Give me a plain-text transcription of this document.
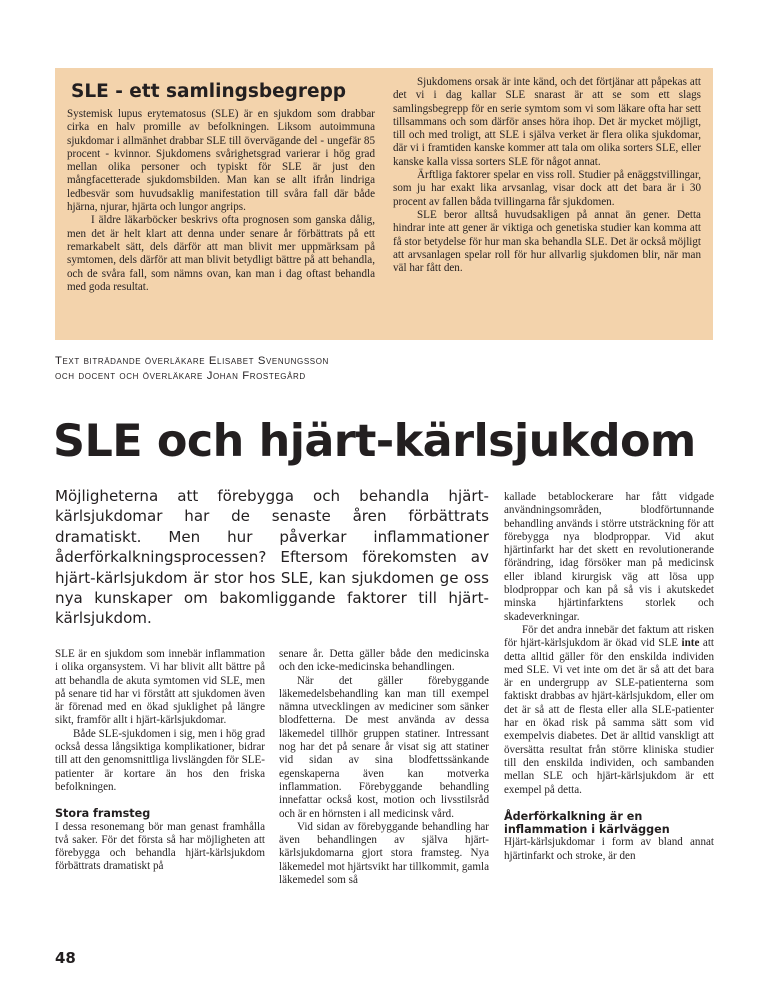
SLE - ett samlingsbegrepp

Systemisk lupus erytematosus (SLE) är en sjukdom som drabbar cirka en halv promille av befolkningen. Liksom autoimmuna sjukdomar i allmänhet drabbar SLE till övervägande del - ungefär 85 procent - kvinnor. Sjukdomens svårighetsgrad varierar i hög grad mellan olika personer och typiskt för SLE är just den mångfacetterade sjukdomsbilden. Man kan se allt ifrån lindriga ledbesvär som huvudsaklig manifestation till svåra fall där både hjärna, njurar, hjärta och lungor angrips.

I äldre läkarböcker beskrivs ofta prognosen som ganska dålig, men det är helt klart att denna under senare år förbättrats på ett remarkabelt sätt, dels därför att man blivit mer uppmärksam på symtomen, dels därför att man blivit betydligt bättre på att behandla, och de svåra fall, som nämns ovan, kan man i dag oftast behandla med goda resultat.

Sjukdomens orsak är inte känd, och det förtjänar att påpekas att det vi i dag kallar SLE snarast är att se som ett slags samlingsbegrepp för en serie symtom som vi som läkare ofta har sett tillsammans och som därför anses höra ihop. Det är mycket möjligt, till och med troligt, att SLE i själva verket är flera olika sjukdomar, där vi i framtiden kanske kommer att tala om olika sorters SLE, eller kanske kalla vissa sorters SLE för något annat.

Ärftliga faktorer spelar en viss roll. Studier på enäggstvillingar, som ju har exakt lika arvsanlag, visar dock att det bara är i 30 procent av fallen båda tvillingarna får sjukdomen.

SLE beror alltså huvudsakligen på annat än gener. Detta hindrar inte att gener är viktiga och genetiska studier kan komma att få stor betydelse för hur man ska behandla SLE. Det är också möjligt att arvsanlagen spelar roll för hur allvarlig sjukdomen blir, när man väl har fått den.

Text biträdande överläkare Elisabet Svenungsson
och docent och överläkare Johan Frostegård
SLE och hjärt-kärlsjukdom

Möjligheterna att förebygga och behandla hjärt-kärlsjukdomar har de senaste åren förbättrats dramatiskt. Men hur påverkar inflammationer åderförkalkningsprocessen? Eftersom förekomsten av hjärt-kärlsjukdom är stor hos SLE, kan sjukdomen ge oss nya kunskaper om bakomliggande faktorer till hjärt-kärlsjukdom.

SLE är en sjukdom som innebär inflammation i olika organsystem. Vi har blivit allt bättre på att behandla de akuta symtomen vid SLE, men på senare tid har vi förstått att sjukdomen även är förenad med en ökad sjuklighet på längre sikt, framför allt i hjärt-kärlsjukdomar.

Både SLE-sjukdomen i sig, men i hög grad också dessa långsiktiga komplikationer, bidrar till att den genomsnittliga livslängden för SLE-patienter är kortare än hos den friska befolkningen.

Stora framsteg

I dessa resonemang bör man genast framhålla två saker. För det första så har möjligheten att förebygga och behandla hjärt-kärlsjukdom förbättrats dramatiskt på

senare år. Detta gäller både den medicinska och den icke-medicinska behandlingen.

När det gäller förebyggande läkemedelsbehandling kan man till exempel nämna utvecklingen av mediciner som sänker blodfetterna. De mest använda av dessa läkemedel tillhör gruppen statiner. Intressant nog har det på senare år visat sig att statiner vid sidan av sina blodfettssänkande egenskaperna även kan motverka inflammation. Förebyggande behandling innefattar också kost, motion och livsstilsråd och är en hörnsten i all medicinsk vård.

Vid sidan av förebyggande behandling har även behandlingen av själva hjärt-kärlsjukdomarna gjort stora framsteg. Nya läkemedel mot hjärtsvikt har tillkommit, gamla läkemedel som så

kallade betablockerare har fått vidgade användningsområden, blodförtunnande behandling används i större utsträckning för att förebygga nya blodproppar. Vid akut hjärtinfarkt har det skett en revolutionerande förändring, idag försöker man på medicinsk eller ibland kirurgisk väg att lösa upp blodproppar och kan på så vis i akutskedet minska hjärtinfarktens storlek och skadeverkningar.

För det andra innebär det faktum att risken för hjärt-kärlsjukdom är ökad vid SLE inte att detta alltid gäller för den enskilda individen med SLE. Vi vet inte om det är så att det bara är en undergrupp av SLE-patienterna som faktiskt drabbas av hjärt-kärlsjukdom, eller om det är så att de flesta eller alla SLE-patienter har en ökad risk på samma sätt som vid exempelvis diabetes. Det är alltid vanskligt att översätta resultat från större kliniska studier till den enskilda individen, och sambanden mellan SLE och hjärt-kärlsjukdom är ett exempel på detta.

Åderförkalkning är en inflammation i kärlväggen

Hjärt-kärlsjukdomar i form av bland annat hjärtinfarkt och stroke, är den

48
